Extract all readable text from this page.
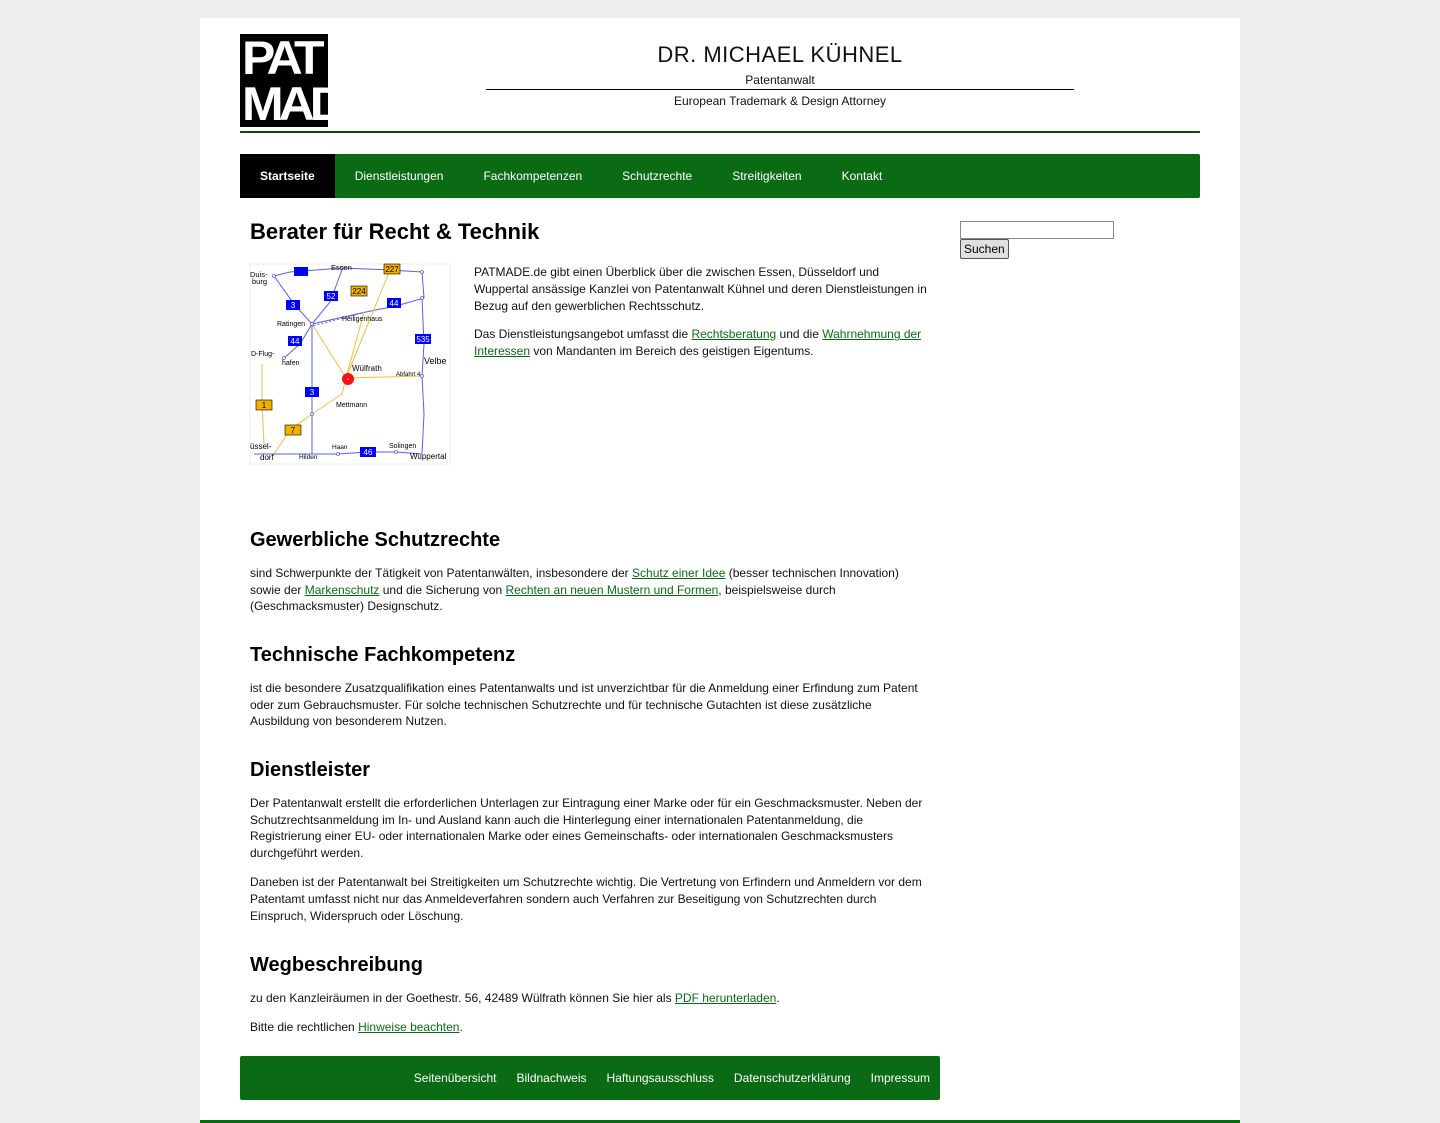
PAT
MADE
DR. MICHAEL KÜHNEL
Patentanwalt
European Trademark & Design Attorney
Startseite	Dienstleistungen	Fachkompetenzen	Schutzrechte	Streitigkeiten	Kontakt
Berater für Recht & Technik
•
3
52
44
44	535
3
46
227
224
1
7
Duis-
burg
Essen
Ratingen
Heiligenhaus
D-Flug-
hafen
Wülfrath
Velbe
Abfahrt 4
Mettmann
üssel-
dorf	Hilden
Haan	Solingen
Wuppertal

PATMADE.de gibt einen Überblick über die zwischen Essen, Düsseldorf und Wuppertal ansässige Kanzlei von Patentanwalt Kühnel und deren Dienstleistungen in Bezug auf den gewerblichen Rechtsschutz.

Das Dienstleistungsangebot umfasst die Rechtsberatung und die Wahrnehmung der Interessen von Mandanten im Bereich des geistigen Eigentums.

Gewerbliche Schutzrechte

sind Schwerpunkte der Tätigkeit von Patentanwälten, insbesondere der Schutz einer Idee (besser technischen Innovation) sowie der Markenschutz und die Sicherung von Rechten an neuen Mustern und Formen, beispielsweise durch (Geschmacksmuster) Designschutz.

Technische Fachkompetenz

ist die besondere Zusatzqualifikation eines Patentanwalts und ist unverzichtbar für die Anmeldung einer Erfindung zum Patent oder zum Gebrauchsmuster. Für solche technischen Schutzrechte und für technische Gutachten ist diese zusätzliche Ausbildung von besonderem Nutzen.

Dienstleister

Der Patentanwalt erstellt die erforderlichen Unterlagen zur Eintragung einer Marke oder für ein Geschmacksmuster. Neben der Schutzrechtsanmeldung im In- und Ausland kann auch die Hinterlegung einer internationalen Patentanmeldung, die Registrierung einer EU- oder internationalen Marke oder eines Gemeinschafts- oder internationalen Geschmacksmusters durchgeführt werden.

Daneben ist der Patentanwalt bei Streitigkeiten um Schutzrechte wichtig. Die Vertretung von Erfindern und Anmeldern vor dem Patentamt umfasst nicht nur das Anmeldeverfahren sondern auch Verfahren zur Beseitigung von Schutzrechten durch Einspruch, Widerspruch oder Löschung.

Wegbeschreibung

zu den Kanzleiräumen in der Goethestr. 56, 42489 Wülfrath können Sie hier als PDF herunterladen.

Bitte die rechtlichen Hinweise beachten.

Suchen
Seitenübersicht	Bildnachweis	Haftungsausschluss	Datenschutzerklärung	Impressum
